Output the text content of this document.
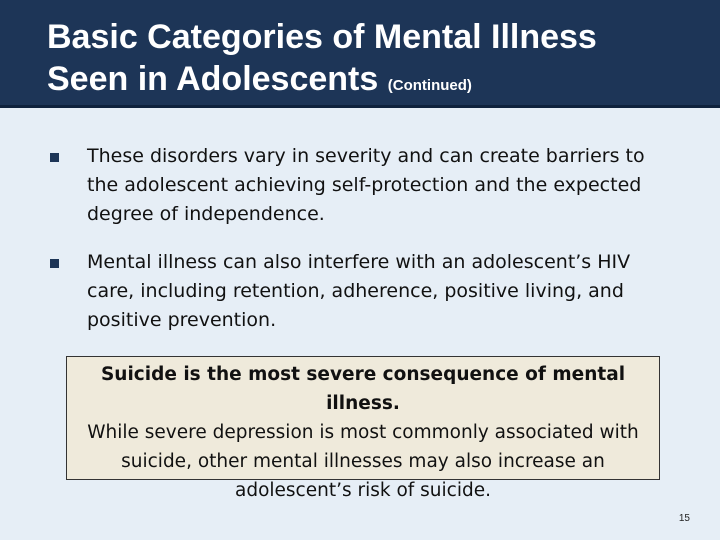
Basic Categories of Mental Illness
Seen in Adolescents (Continued)
These disorders vary in severity and can create barriers to the adolescent achieving self-protection and the expected degree of independence.
Mental illness can also interfere with an adolescent’s HIV care, including retention, adherence, positive living, and positive prevention.
Suicide is the most severe consequence of mental illness.
While severe depression is most commonly associated with suicide, other mental illnesses may also increase an adolescent’s risk of suicide.
15
